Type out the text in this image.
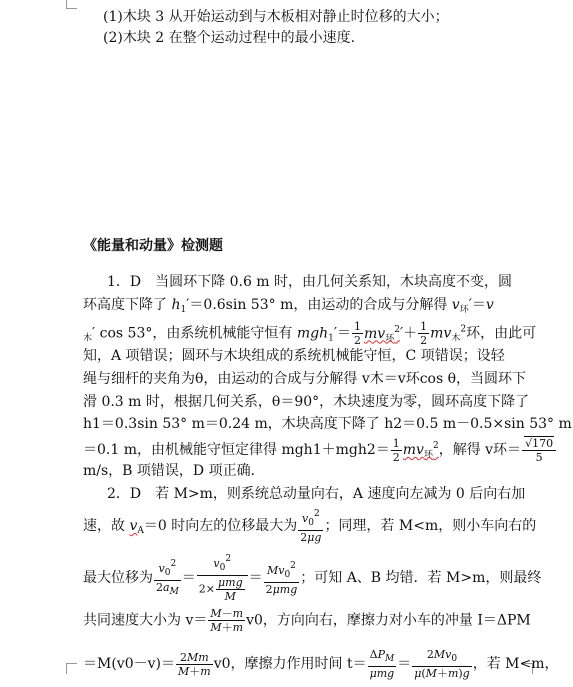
(1)木块 3 从开始运动到与木板相对静止时位移的大小；
(2)木块 2 在整个运动过程中的最小速度.
《能量和动量》检测题
1．D　当圆环下降 0.6 m 时，由几何关系知，木块高度不变，圆
环高度下降了 $h_1'=0.6\sin$ 53° m，由运动的合成与分解得 $v_环'=v$
$_木$′ cos 53°，由系统机械能守恒有 $mgh_1'= \frac{1}{2} mv_环^2'+ \frac{1}{2} mv_木^2$环，由此可
知，A 项错误；圆环与木块组成的系统机械能守恒，C 项错误；设轻
绳与细杆的夹角为θ，由运动的合成与分解得 v木＝v环cos θ，当圆环下
滑 0.3 m 时，根据几何关系，θ＝90°，木块速度为零，圆环高度下降了
h1＝0.3sin 53° m＝0.24 m，木块高度下降了 h2＝0.5 m－0.5×sin 53° m
＝0.1 m，由机械能守恒定律得 $mgh1+mgh2= \frac{1}{2} mv_环^2$，解得 v环＝ $\frac{√170}{5}$
m/s，B 项错误，D 项正确．
2．D　若 M>m，则系统总动量向右，A 速度向左减为 0 后向右加
速，故 $v_A=0$ 时向左的位移最大为 $\frac{v_0^2}{2\mu g}$ ；同理，若 M<m，则小车向右的
最大位移为 $\frac{v_0^2}{2a_M} = \frac{v_0^2}{2\times \frac{\text{μmg}}{M}} = \frac{Mv_0^2}{\text{2μmg}}$ ；可知 A、B 均错．若 M>m，则最终
共同速度大小为 $v= \frac{M-m}{M+m} v0$，方向向右，摩擦力对小车的冲量 I＝ΔPM
$=M(v0-v)= \frac{2Mm}{M+m} v0$，摩擦力作用时间 $t= \frac{\Delta P_M}{\text{μmg}} = \frac{2Mv_0}{\mu(M+m)g}$ ，若 M<m，
